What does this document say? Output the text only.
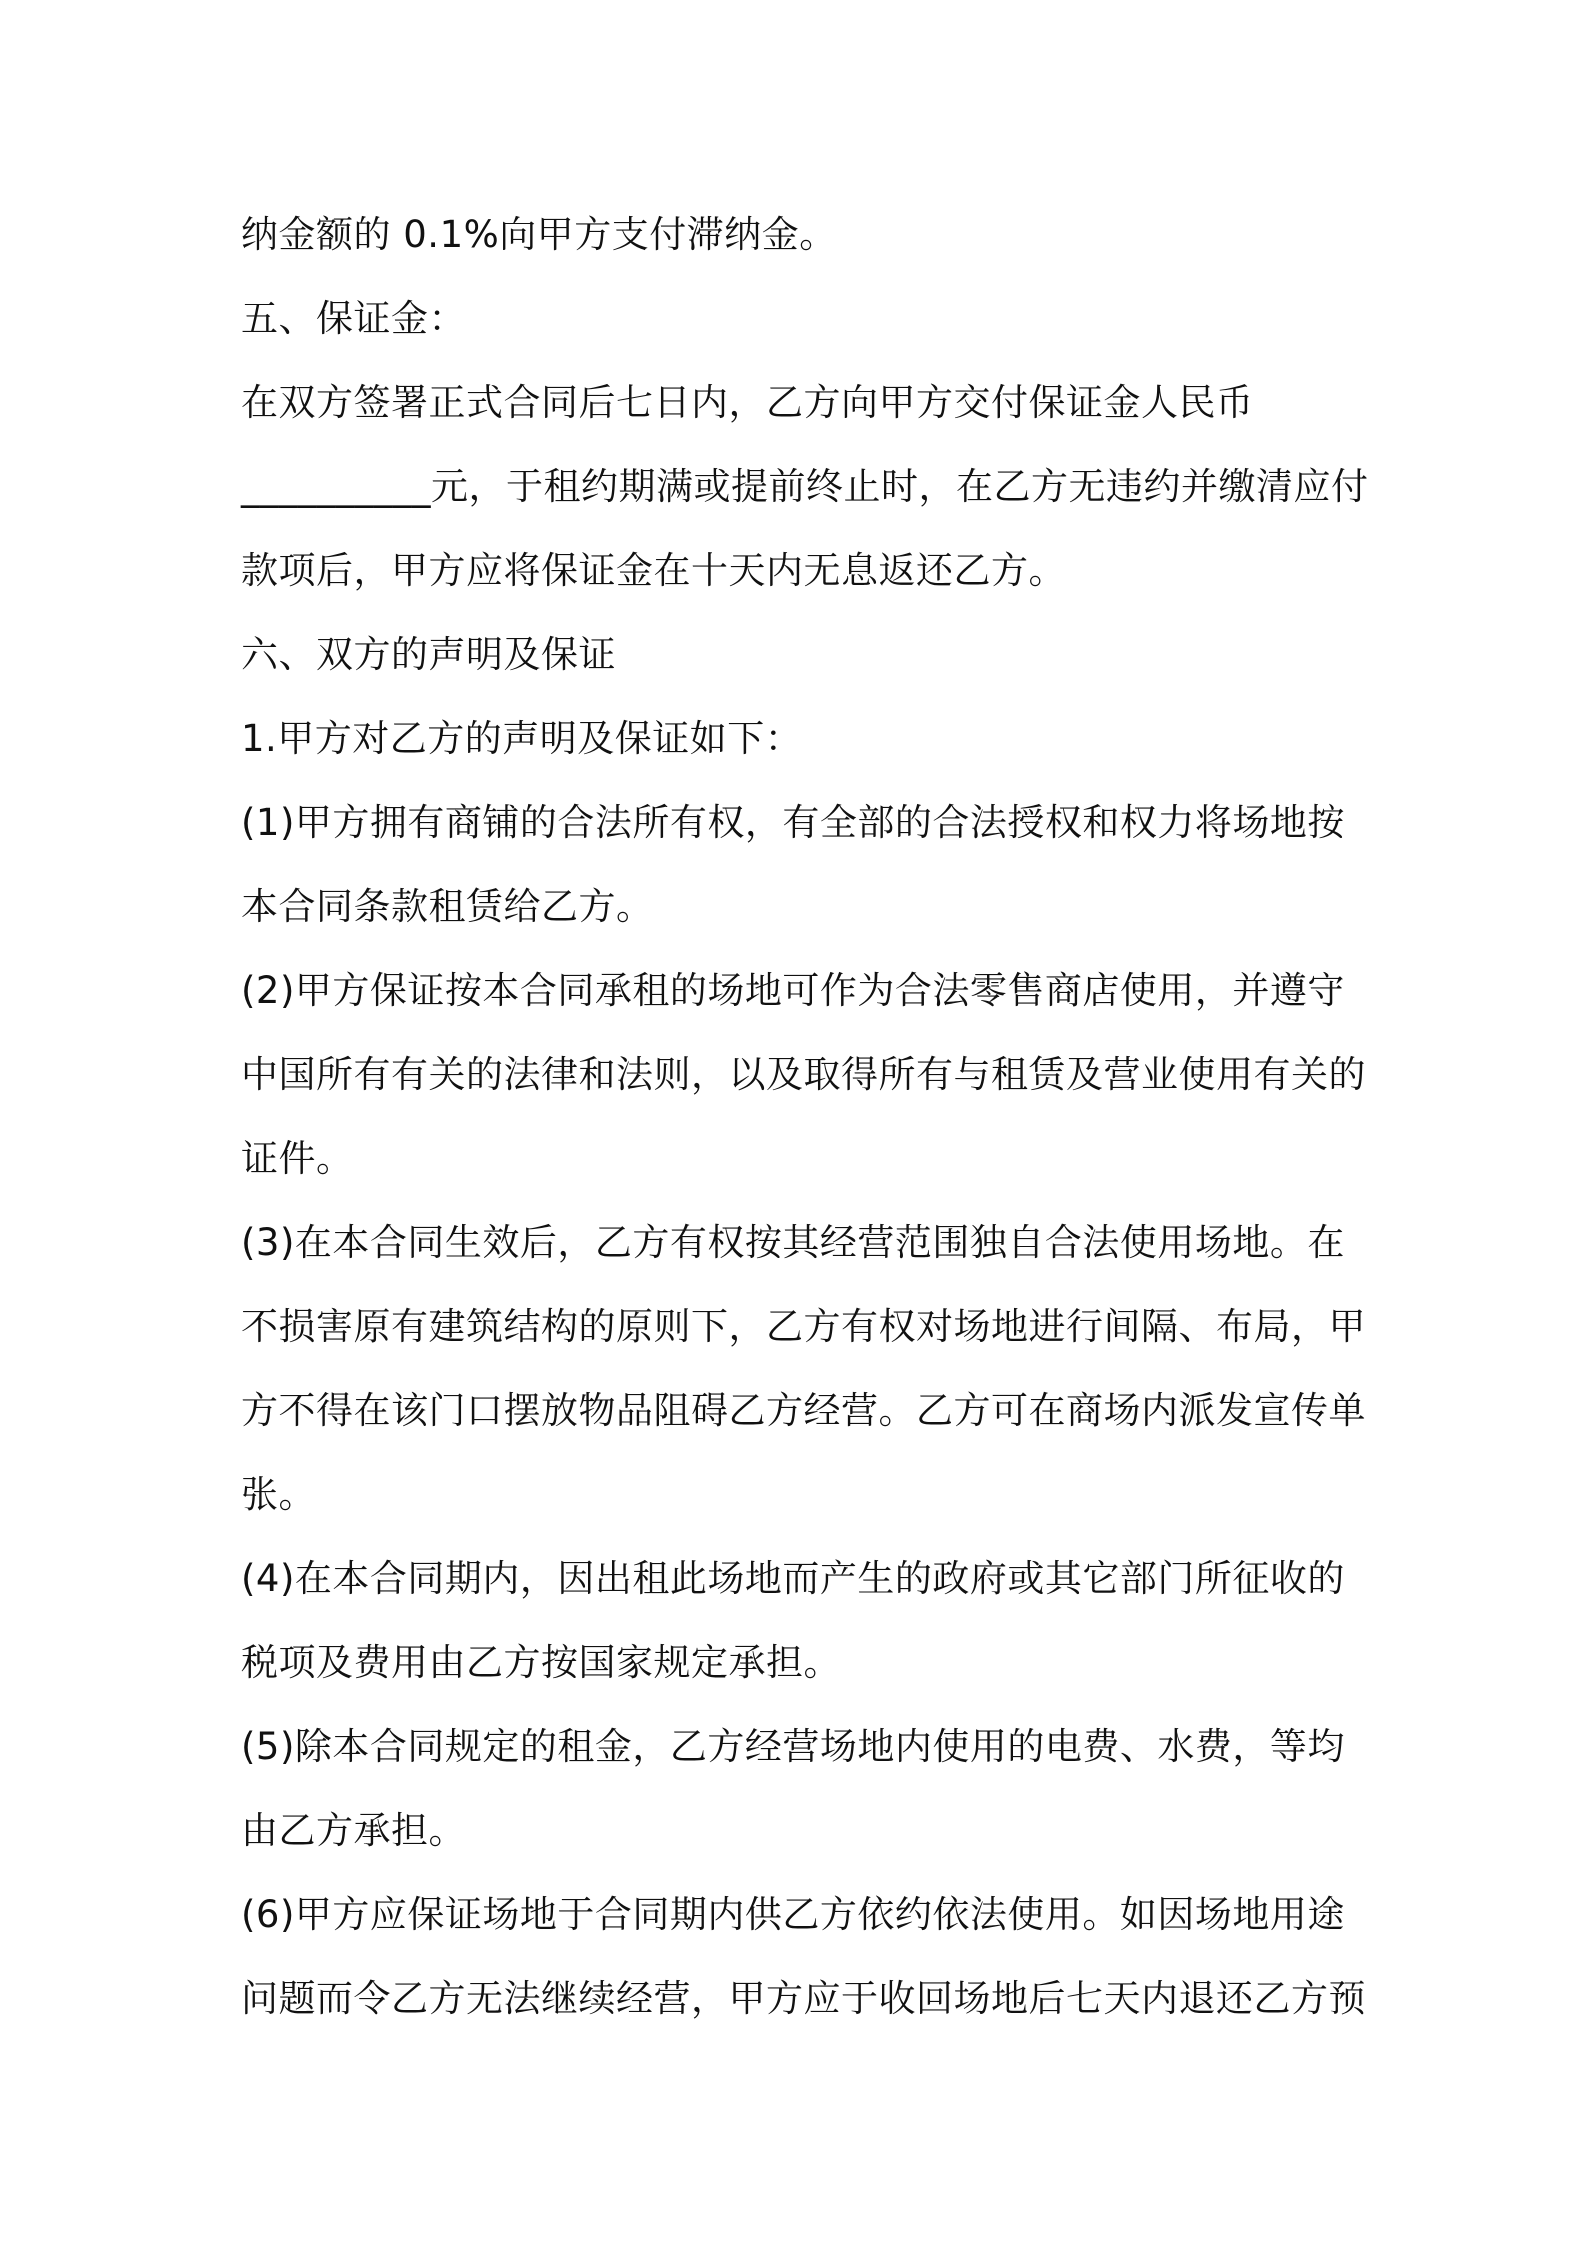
纳金额的 0.1%向甲方支付滞纳金。
五、保证金：
在双方签署正式合同后七日内，乙方向甲方交付保证金人民币
__________元，于租约期满或提前终止时，在乙方无违约并缴清应付
款项后，甲方应将保证金在十天内无息返还乙方。
六、双方的声明及保证
1.甲方对乙方的声明及保证如下：
(1)甲方拥有商铺的合法所有权，有全部的合法授权和权力将场地按
本合同条款租赁给乙方。
(2)甲方保证按本合同承租的场地可作为合法零售商店使用，并遵守
中国所有有关的法律和法则，以及取得所有与租赁及营业使用有关的
证件。
(3)在本合同生效后，乙方有权按其经营范围独自合法使用场地。在
不损害原有建筑结构的原则下，乙方有权对场地进行间隔、布局，甲
方不得在该门口摆放物品阻碍乙方经营。乙方可在商场内派发宣传单
张。
(4)在本合同期内，因出租此场地而产生的政府或其它部门所征收的
税项及费用由乙方按国家规定承担。
(5)除本合同规定的租金，乙方经营场地内使用的电费、水费，等均
由乙方承担。
(6)甲方应保证场地于合同期内供乙方依约依法使用。如因场地用途
问题而令乙方无法继续经营，甲方应于收回场地后七天内退还乙方预
